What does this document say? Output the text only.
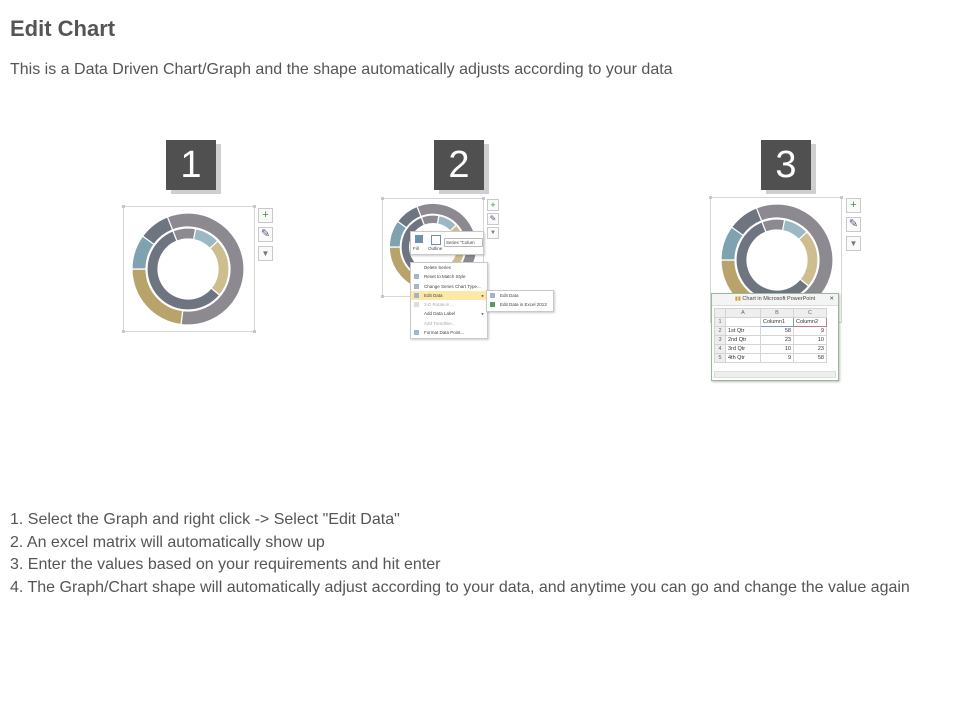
Edit Chart
This is a Data Driven Chart/Graph and the shape automatically adjusts according to your data
1	2	3
+
✎
▼
+
✎
▼
Fill Outline
Series "Colum
Delete Series
Reset to Match Style
Change Series Chart Type...
Edit Data	▸
3-D Rotation...
Add Data Label	▸
Add Trendline...
Format Data Point...
Edit Data
Edit Data in Excel 2013
+
✎
▼
▮▮ Chart in Microsoft PowerPoint	✕
	A	B	C
1		Column1	Column2
2	1st Qtr	58	9
3	2nd Qtr	23	10
4	3rd Qtr	10	23
5	4th Qtr	9	58
1. Select the Graph and right click -> Select "Edit Data"
2. An excel matrix will automatically show up
3. Enter the values based on your requirements and hit enter
4. The Graph/Chart shape will automatically adjust according to your data, and anytime you can go and change the value again
